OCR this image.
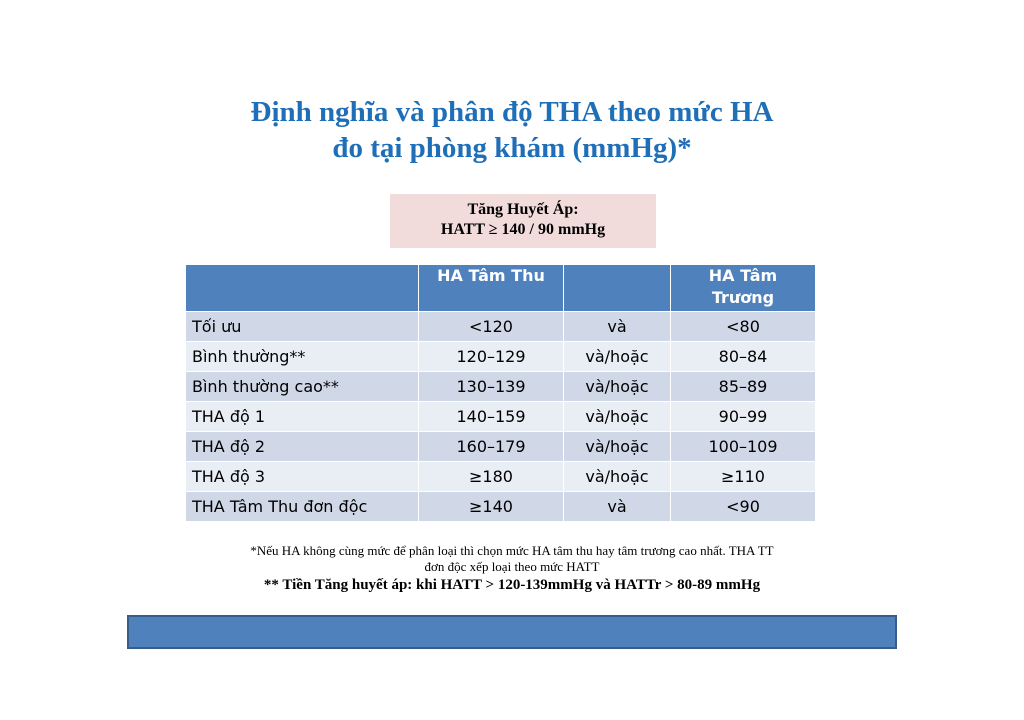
Định nghĩa và phân độ THA theo mức HA
đo tại phòng khám (mmHg)*
Tăng Huyết Áp:
HATT ≥ 140 / 90 mmHg
	HA Tâm Thu		HA Tâm Trương
Tối ưu	<120	và	<80
Bình thường**	120–129	và/hoặc	80–84
Bình thường cao**	130–139	và/hoặc	85–89
THA độ 1	140–159	và/hoặc	90–99
THA độ 2	160–179	và/hoặc	100–109
THA độ 3	≥180	và/hoặc	≥110
THA Tâm Thu đơn độc	≥140	và	<90
*Nếu HA không cùng mức để phân loại thì chọn mức HA tâm thu hay tâm trương cao nhất. THA TT
đơn độc xếp loại theo mức HATT
** Tiền Tăng huyết áp: khi HATT > 120-139mmHg và HATTr > 80-89 mmHg
